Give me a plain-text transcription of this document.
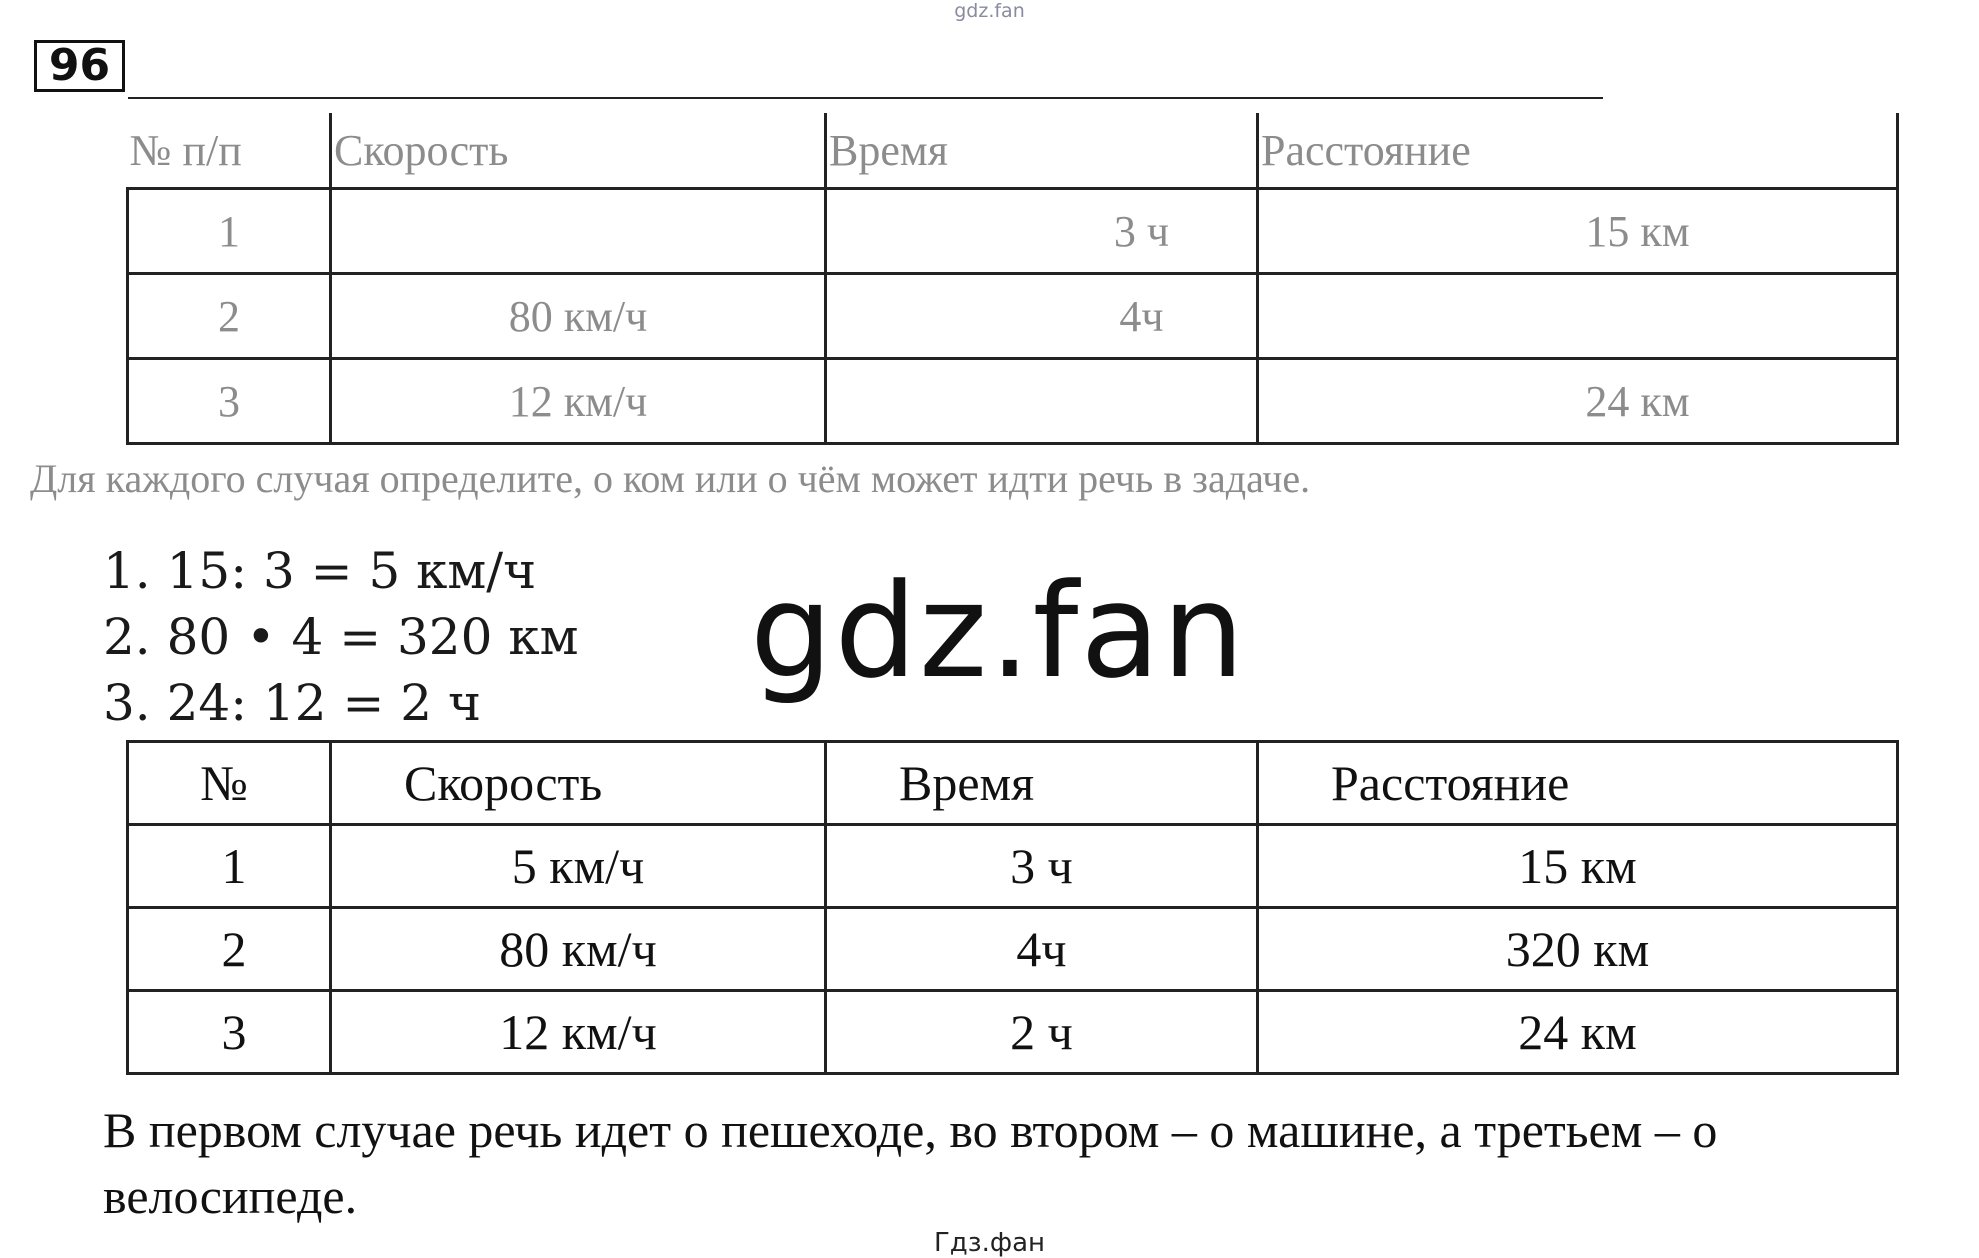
gdz.fan
96
№ п/п	Скорость	Время	Расстояние
1		3 ч	15 км
2	80 км/ч	4ч	
3	12 км/ч		24 км
Для каждого случая определите, о ком или о чём может идти речь в задаче.
1. 15: 3 = 5 км/ч
2. 80 • 4 = 320 км
3. 24: 12 = 2 ч gdz.fan
№	Скорость	Время	Расстояние
1	5 км/ч	3 ч	15 км
2	80 км/ч	4ч	320 км
3	12 км/ч	2 ч	24 км
В первом случае речь идет о пешеходе, во втором – о машине, а третьем – о велосипеде.
Гдз.фан
